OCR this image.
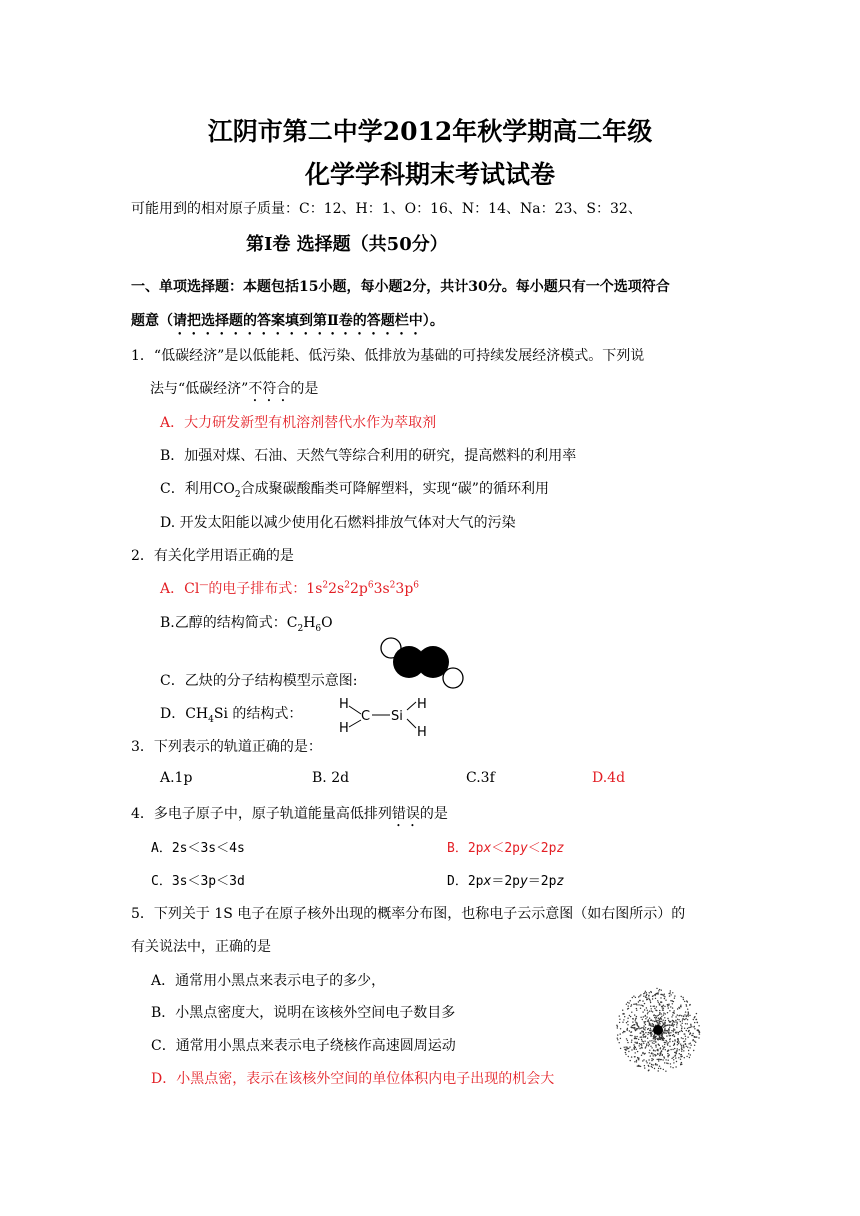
江阴市第二中学2012年秋学期高二年级
化学学科期末考试试卷
可能用到的相对原子质量：C：12、H：1、O：16、N：14、Na：23、S：32、
第Ⅰ卷 选择题（共50分）
一、单项选择题：本题包括15小题，每小题2分，共计30分。每小题只有一个选项符合
题意（请把选择题的答案填到第Ⅱ卷的答题栏中）。
1．“低碳经济”是以低能耗、低污染、低排放为基础的可持续发展经济模式。下列说
法与“低碳经济”不符合的是
A．大力研发新型有机溶剂替代水作为萃取剂
B．加强对煤、石油、天然气等综合利用的研究，提高燃料的利用率
C．利用$CO_2$合成聚碳酸酯类可降解塑料，实现“碳”的循环利用
D. 开发太阳能以减少使用化石燃料排放气体对大气的污染
2．有关化学用语正确的是
A．Cl—的电子排布式：$1s^22s^22p^63s^23p^6$
B.乙醇的结构简式：$C_2H_6O$
C．乙炔的分子结构模型示意图:
D．$CH_4Si$ 的结构式：
H
H
C Si
H
H
3．下列表示的轨道正确的是：
A.1p	B. 2d	C.3f	D.4d
4．多电子原子中，原子轨道能量高低排列错误的是
A．2s＜3s＜4s	B．2px＜2py＜2pz
C．3s＜3p＜3d	D．2px＝2py＝2pz
5．下列关于 1S 电子在原子核外出现的概率分布图，也称电子云示意图（如右图所示）的
有关说法中，正确的是
A．通常用小黑点来表示电子的多少，
B．小黑点密度大，说明在该核外空间电子数目多
C．通常用小黑点来表示电子绕核作高速圆周运动
D．小黑点密，表示在该核外空间的单位体积内电子出现的机会大
